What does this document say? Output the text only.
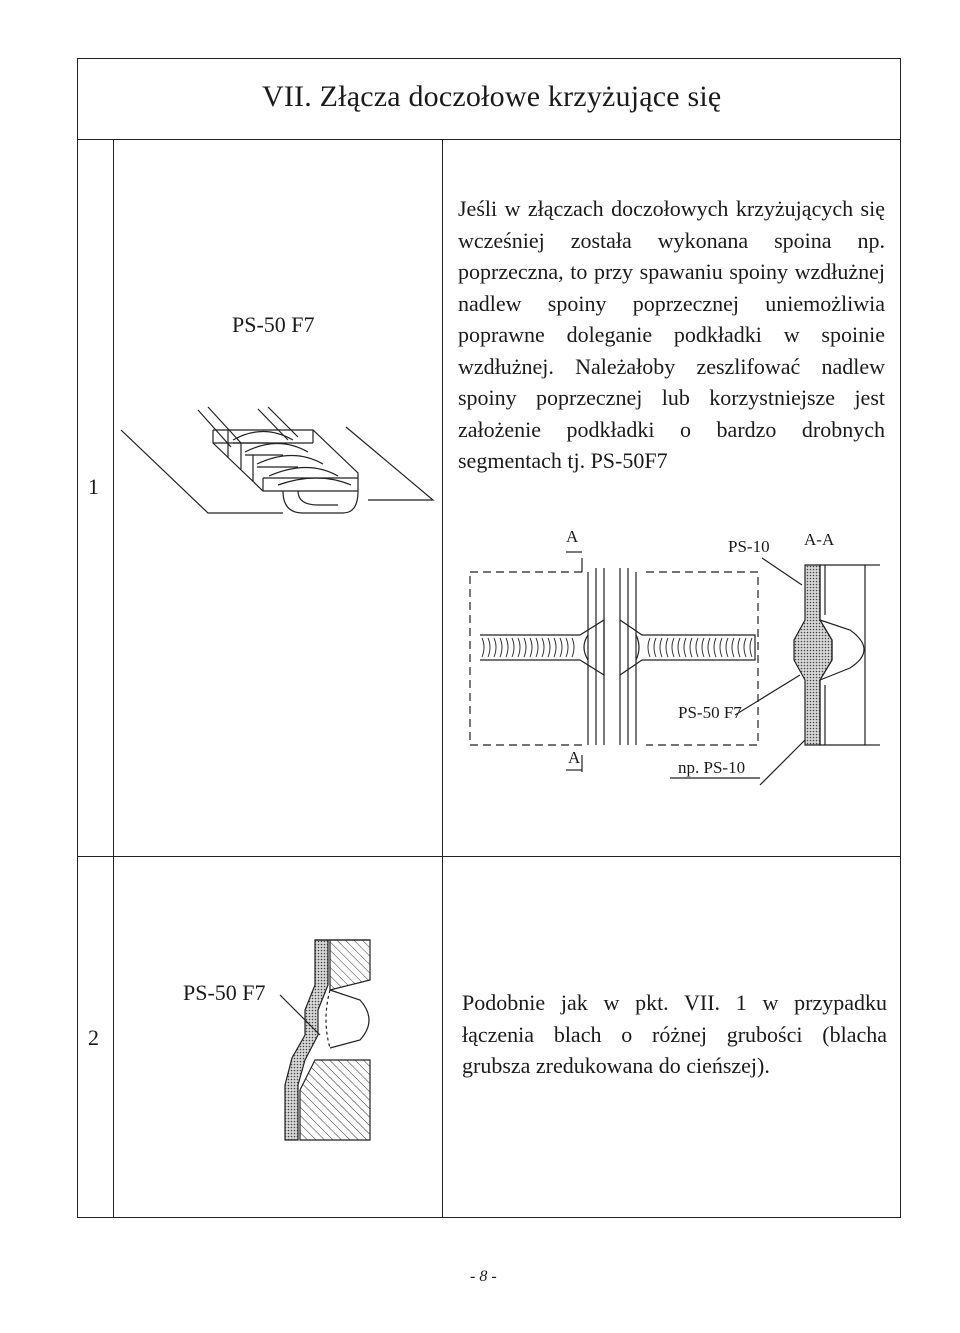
VII. Złącza doczołowe krzyżujące się
1
PS-50 F7

Jeśli w złączach doczołowych krzyżujących się wcześniej została wykonana spoina np. poprzeczna, to przy spawaniu spoiny wzdłużnej nadlew spoiny poprzecznej uniemożliwia poprawne doleganie podkładki w spoinie wzdłużnej. Należałoby zeszlifować nadlew spoiny poprzecznej lub korzystniejsze jest założenie podkładki o bardzo drobnych segmentach tj. PS-50F7

A
PS-10 A-A
PS-50 F7
A
np. PS-10
2
PS-50 F7	Podobnie jak w pkt. VII. 1 w przypadku łączenia blach o różnej grubości (blacha grubsza zredukowana do cieńszej).

- 8 -
